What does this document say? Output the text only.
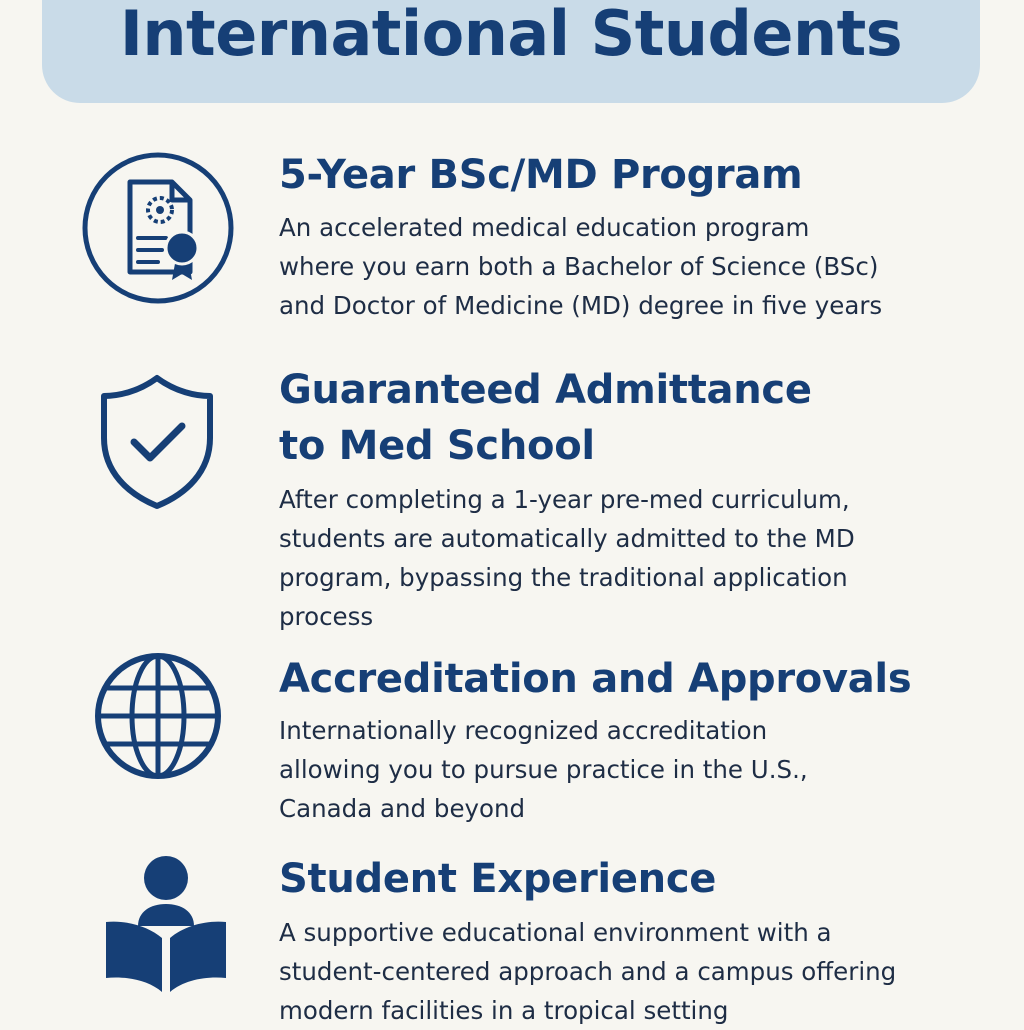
International Students
5-Year BSc/MD Program

An accelerated medical education program
where you earn both a Bachelor of Science (BSc)
and Doctor of Medicine (MD) degree in five years

Guaranteed Admittance
to Med School

After completing a 1-year pre-med curriculum,
students are automatically admitted to the MD
program, bypassing the traditional application
process

Accreditation and Approvals

Internationally recognized accreditation
allowing you to pursue practice in the U.S.,
Canada and beyond

Student Experience

A supportive educational environment with a
student-centered approach and a campus offering
modern facilities in a tropical setting
